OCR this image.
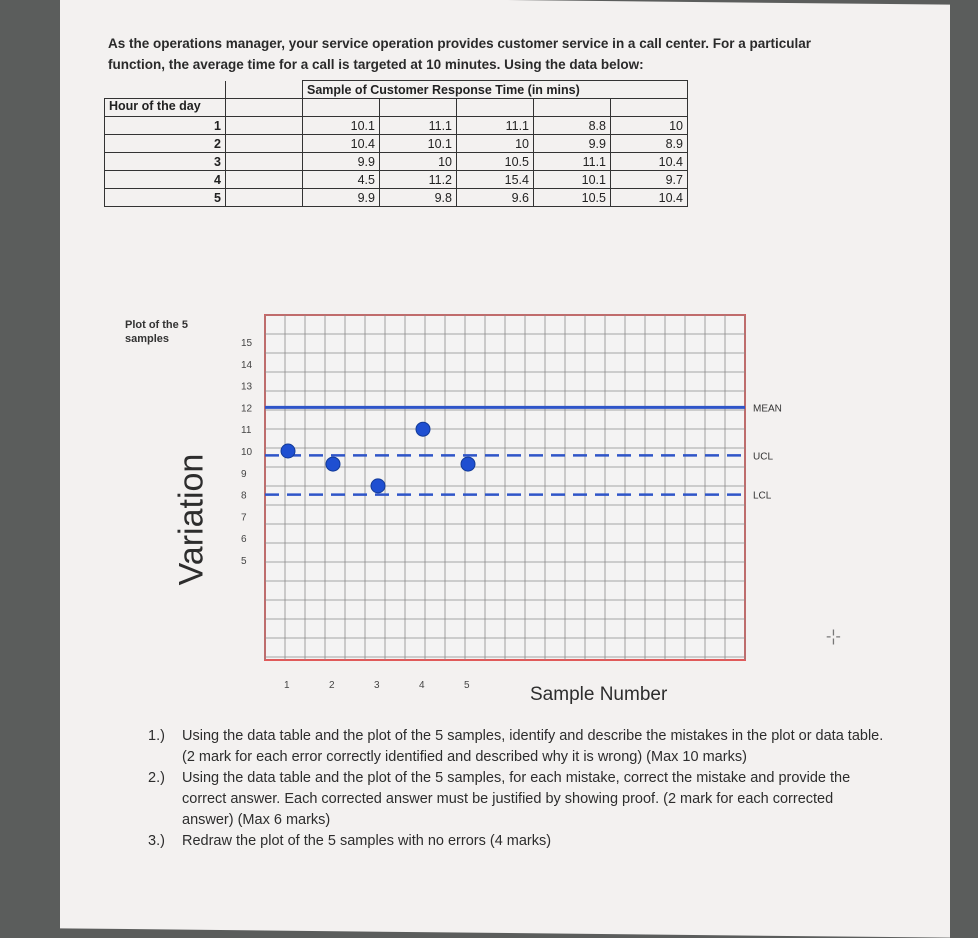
As the operations manager, your service operation provides customer service in a call center. For a particular function, the average time for a call is targeted at 10 minutes. Using the data below:
		Sample of Customer Response Time (in mins)				
Hour of the day						

1		10.1	11.1	11.1	8.8	10
2		10.4	10.1	10	9.9	8.9
3		9.9	10	10.5	11.1	10.4
4		4.5	11.2	15.4	10.1	9.7
5		9.9	9.8	9.6	10.5	10.4
Plot of the 5 samples
Variation
15
14
13
12
11
10
9
8
7
6
5
1	2	3	4	5	Sample Number
MEAN
UCL
LCL
-¦-
1.)	Using the data table and the plot of the 5 samples, identify and describe the mistakes in the plot or data table. (2 mark for each error correctly identified and described why it is wrong) (Max 10 marks)
2.)	Using the data table and the plot of the 5 samples, for each mistake, correct the mistake and provide the correct answer. Each corrected answer must be justified by showing proof. (2 mark for each corrected answer) (Max 6 marks)
3.)	Redraw the plot of the 5 samples with no errors (4 marks)
